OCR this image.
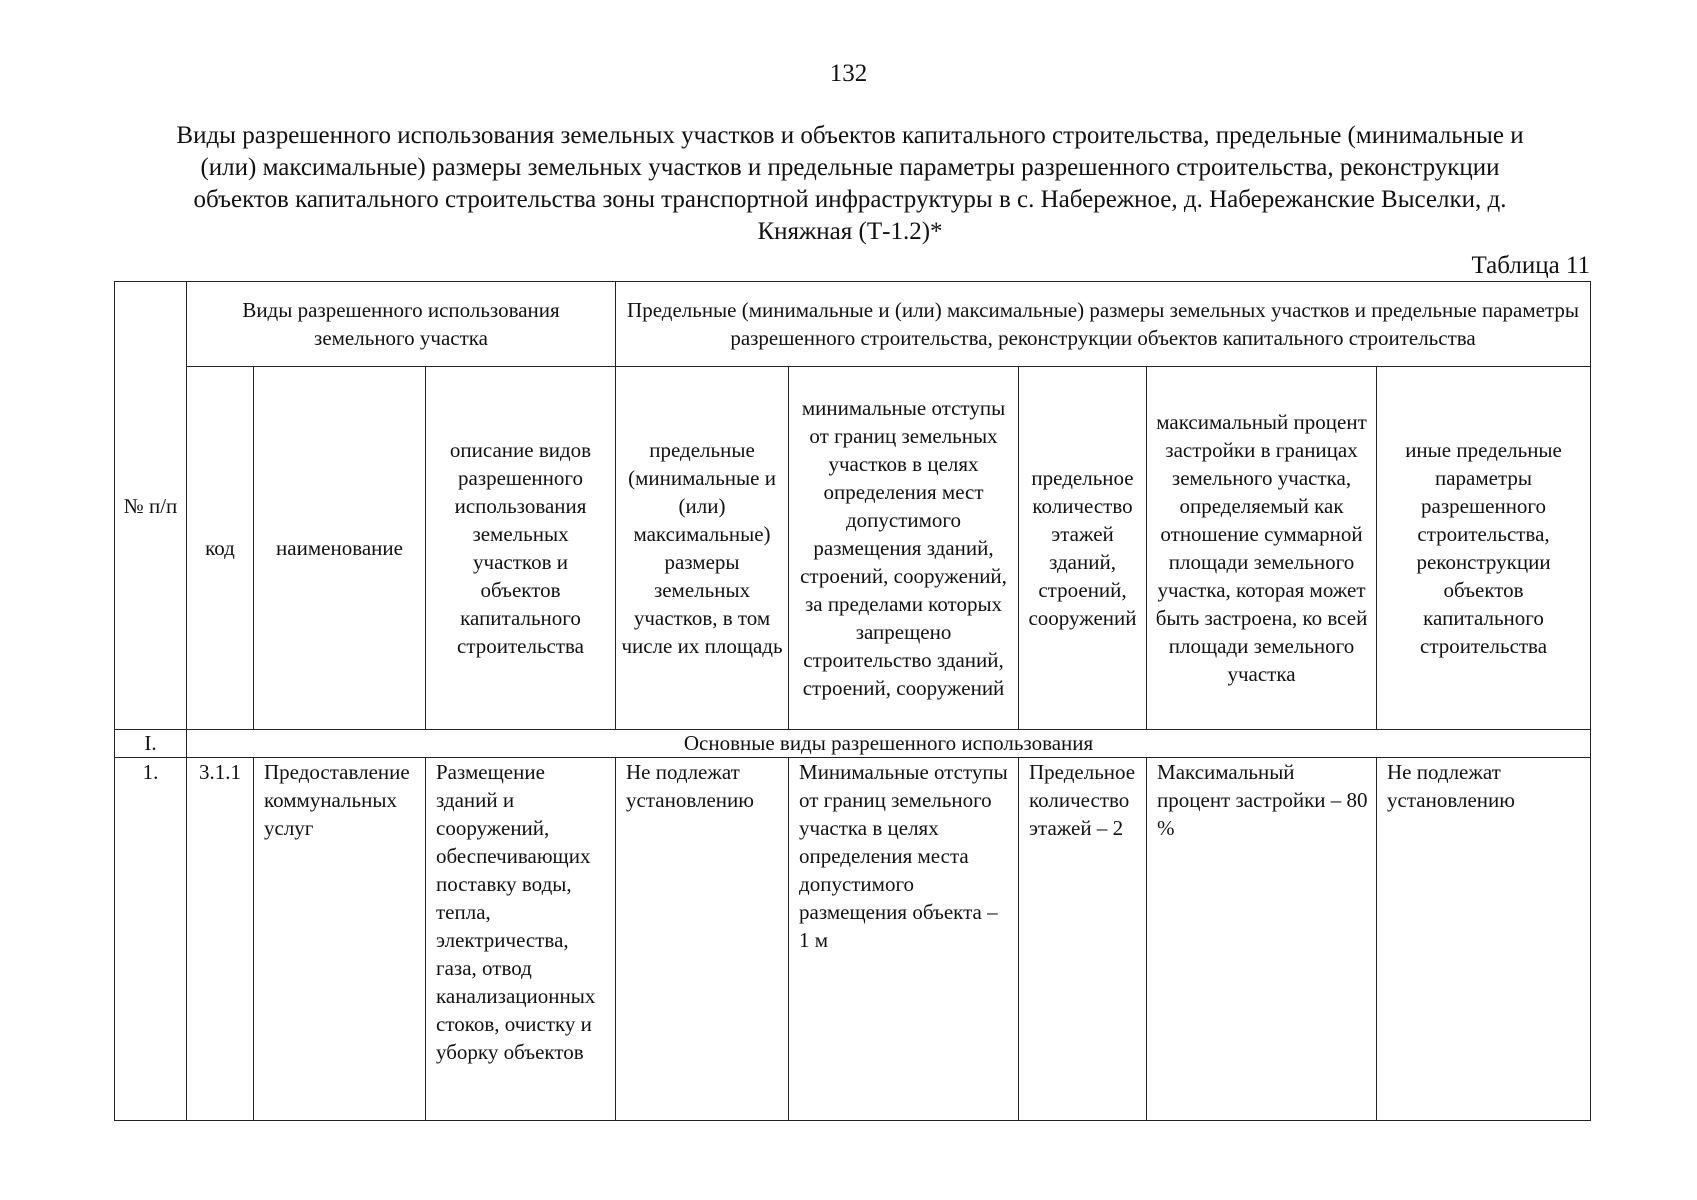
132
Виды разрешенного использования земельных участков и объектов капитального строительства, предельные (минимальные и (или) максимальные) размеры земельных участков и предельные параметры разрешенного строительства, реконструкции объектов капитального строительства зоны транспортной инфраструктуры в с. Набережное, д. Набережанские Выселки, д. Княжная (Т-1.2)*
Таблица 11
№ п/п	Виды разрешенного использования земельного участка			Предельные (минимальные и (или) максимальные) размеры земельных участков и предельные параметры разрешенного строительства, реконструкции объектов капитального строительства				
	код	наименование	описание видов разрешенного использования земельных участков и объектов капитального строительства	предельные (минимальные и (или) максимальные) размеры земельных участков, в том числе их площадь	минимальные отступы от границ земельных участков в целях определения мест допустимого размещения зданий, строений, сооружений, за пределами которых запрещено строительство зданий, строений, сооружений	предельное количество этажей зданий, строений, сооружений	максимальный процент застройки в границах земельного участка, определяемый как отношение суммарной площади земельного участка, которая может быть застроена, ко всей площади земельного участка	иные предельные параметры разрешенного строительства, реконструкции объектов капитального строительства
I.	Основные виды разрешенного использования							
1.	3.1.1	Предоставление коммунальных услуг	Размещение зданий и сооружений, обеспечивающих поставку воды, тепла, электричества, газа, отвод канализационных стоков, очистку и уборку объектов	Не подлежат установлению	Минимальные отступы от границ земельного участка в целях определения места допустимого размещения объекта – 1 м	Предельное количество этажей – 2	Максимальный процент застройки – 80 %	Не подлежат установлению
